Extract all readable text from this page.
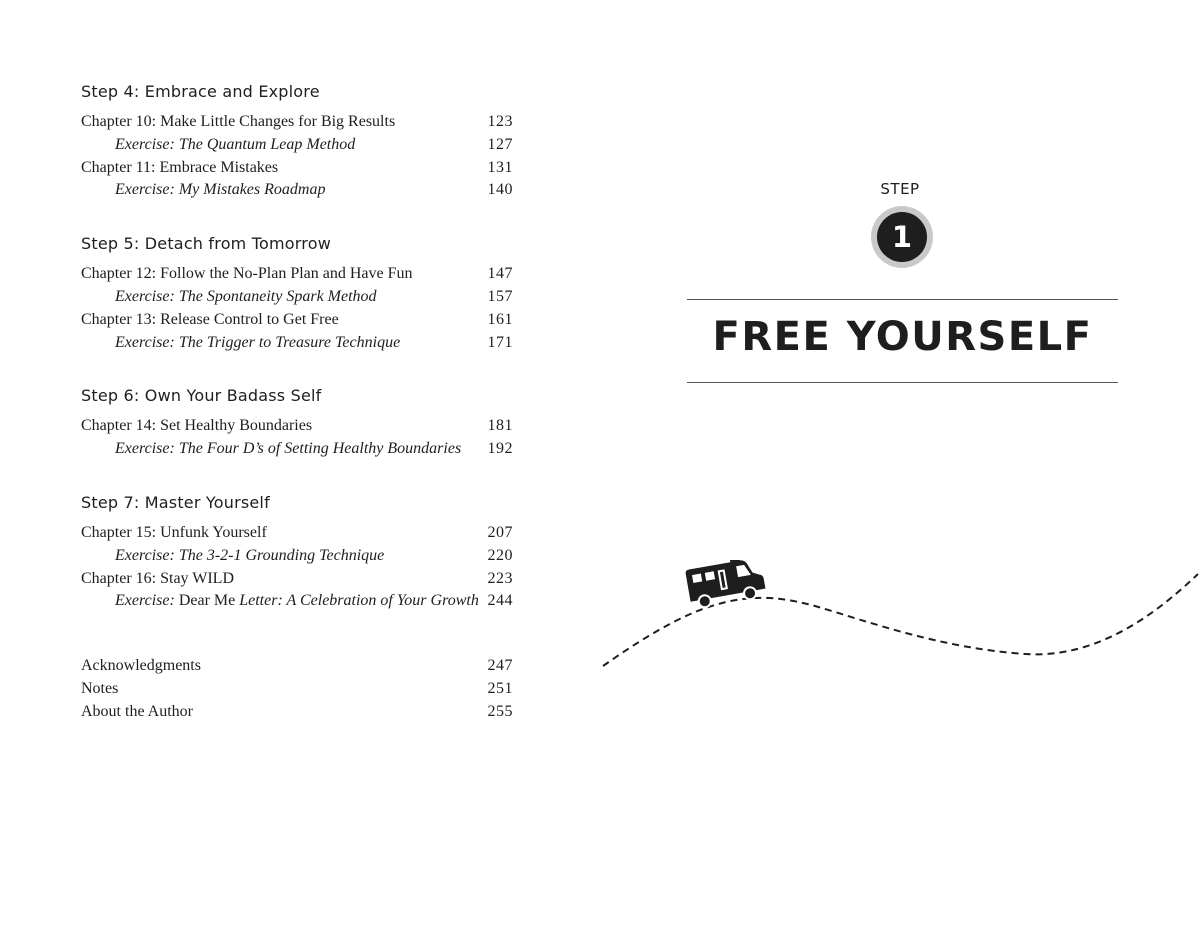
Step 4: Embrace and Explore
Chapter 10: Make Little Changes for Big Results	123
Exercise: The Quantum Leap Method	127
Chapter 11: Embrace Mistakes	131
Exercise: My Mistakes Roadmap	140
Step 5: Detach from Tomorrow
Chapter 12: Follow the No-Plan Plan and Have Fun	147
Exercise: The Spontaneity Spark Method	157
Chapter 13: Release Control to Get Free	161
Exercise: The Trigger to Treasure Technique	171
Step 6: Own Your Badass Self
Chapter 14: Set Healthy Boundaries	181
Exercise: The Four D’s of Setting Healthy Boundaries 192
Step 7: Master Yourself
Chapter 15: Unfunk Yourself	207
Exercise: The 3-2-1 Grounding Technique	220
Chapter 16: Stay WILD	223
Exercise: Dear Me Letter: A Celebration of Your Growth 244
Acknowledgments	247
Notes	251
About the Author	255
STEP
1
FREE YOURSELF
